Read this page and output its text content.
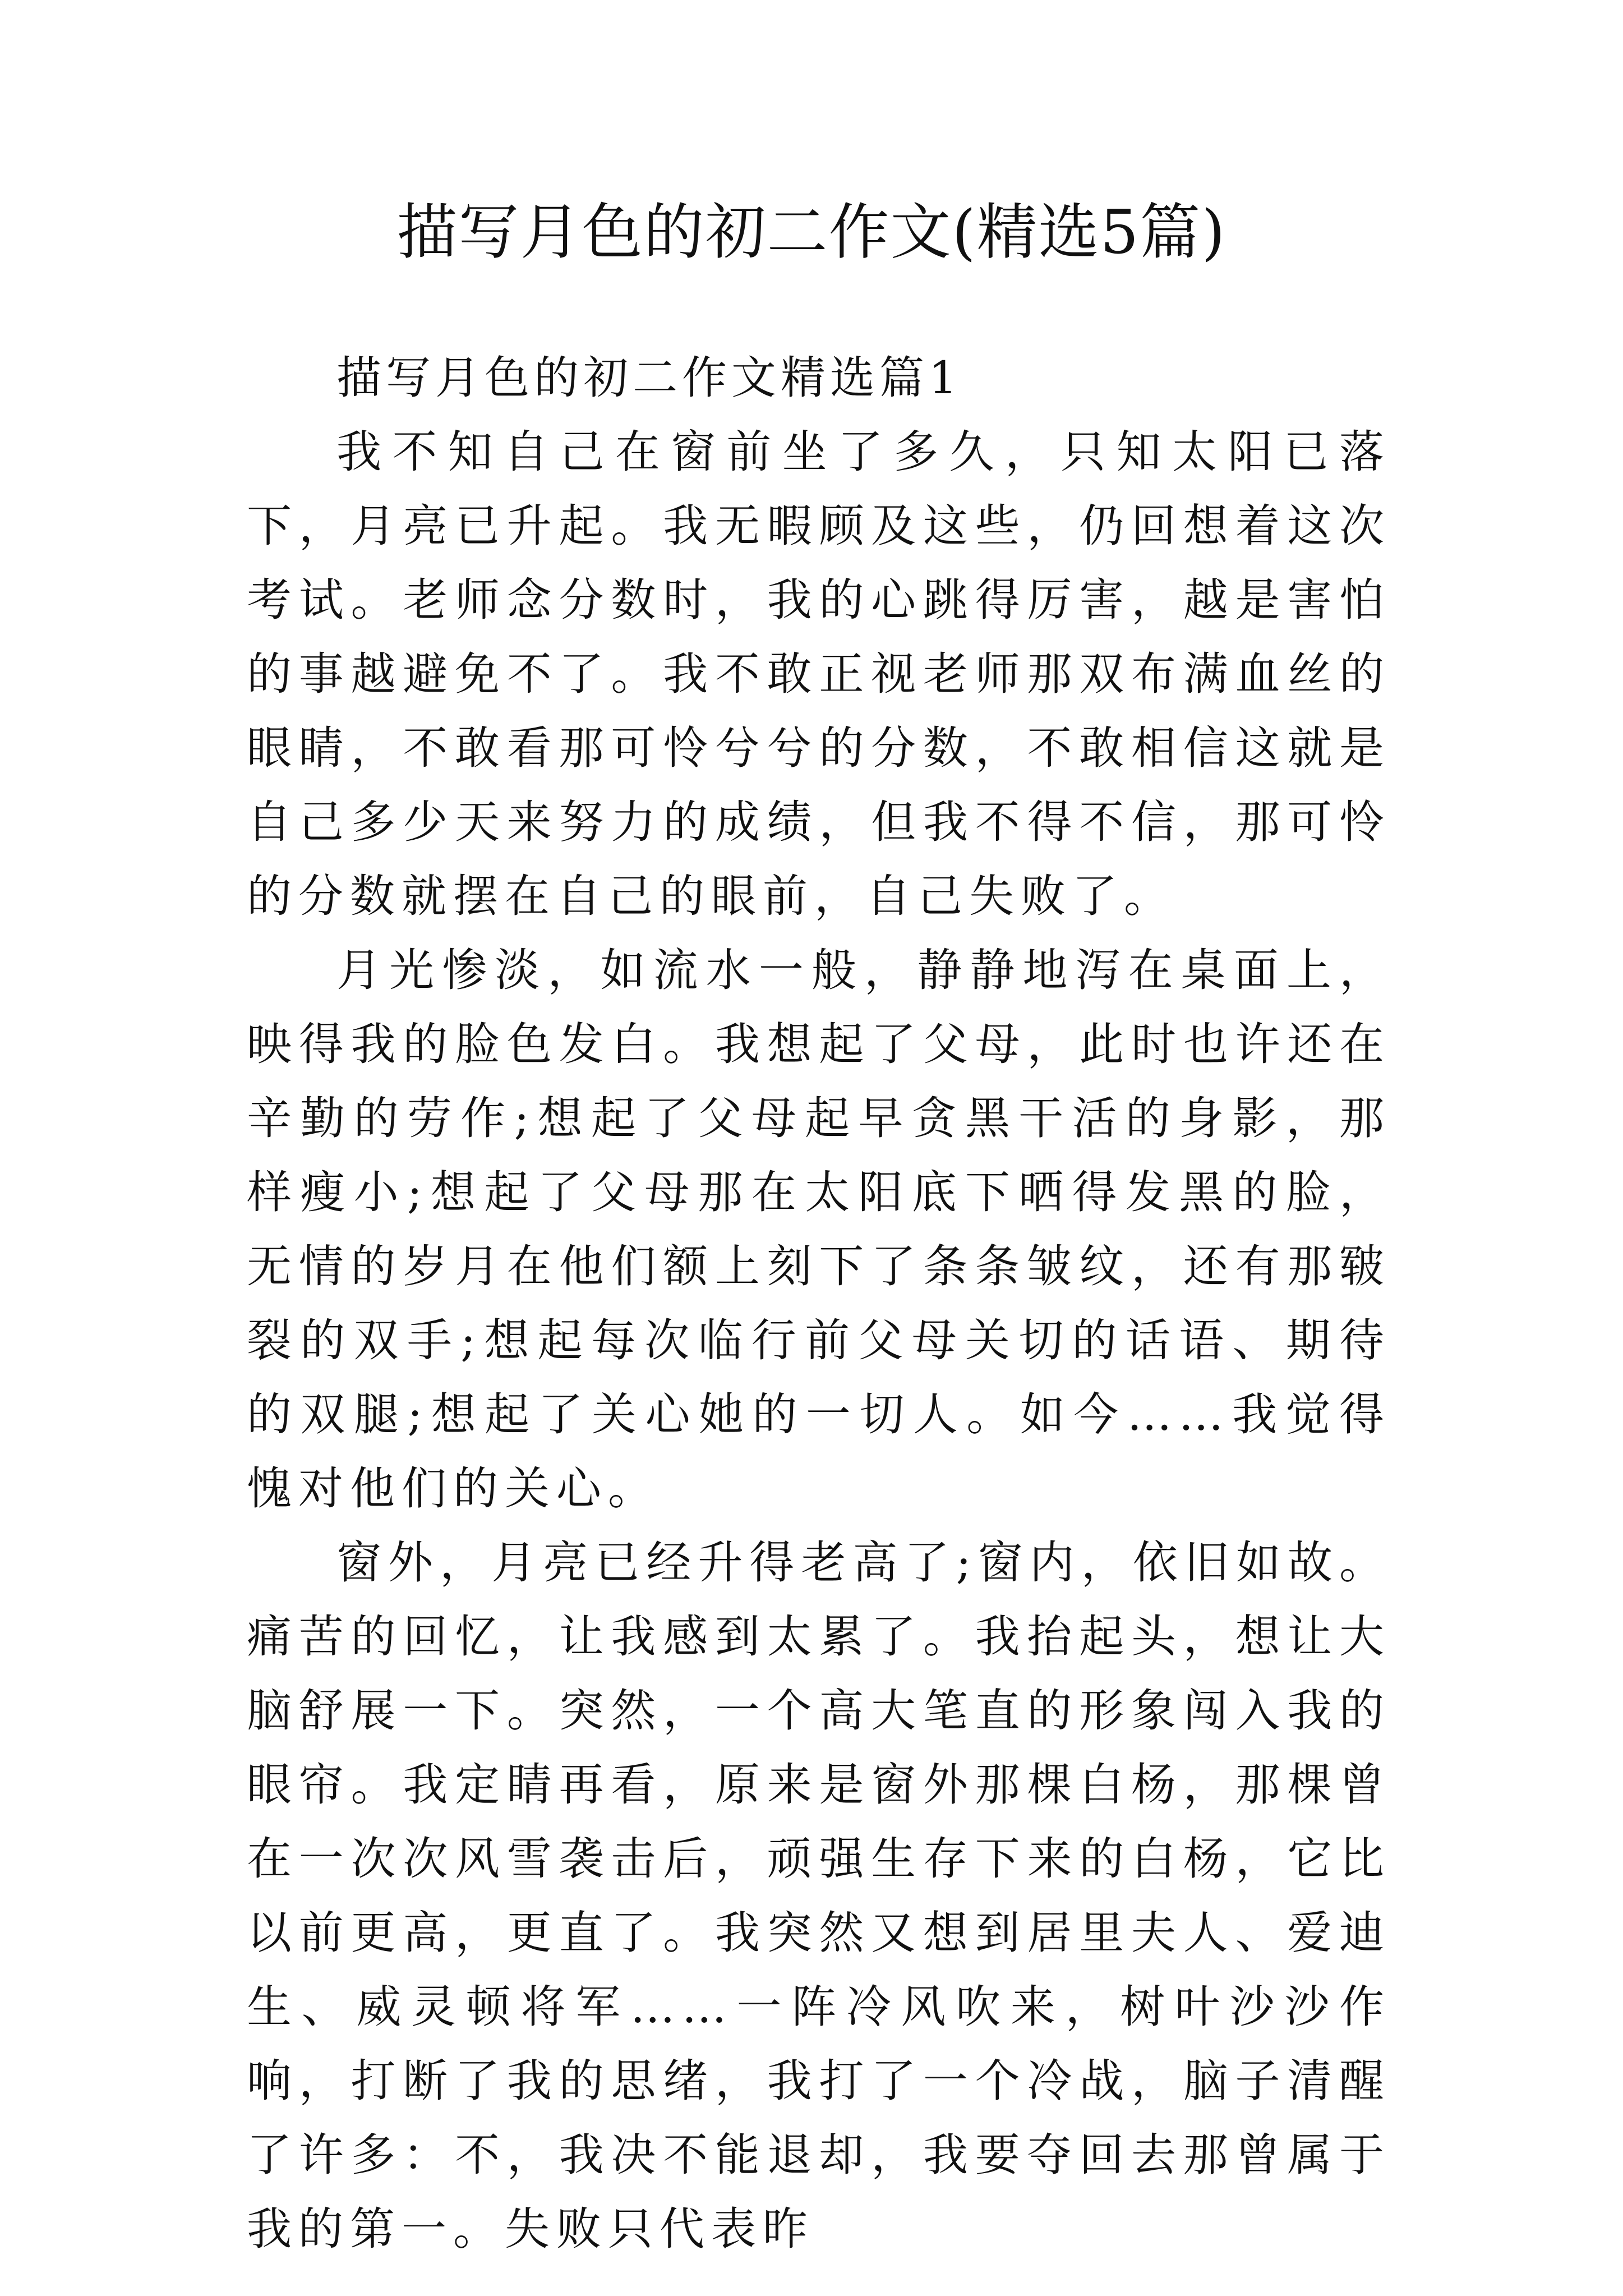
描写月色的初二作文(精选5篇)
描写月色的初二作文精选篇1

我不知自己在窗前坐了多久，只知太阳已落下，月亮已升起。我无暇顾及这些，仍回想着这次考试。老师念分数时，我的心跳得厉害，越是害怕的事越避免不了。我不敢正视老师那双布满血丝的眼睛，不敢看那可怜兮兮的分数，不敢相信这就是自己多少天来努力的成绩，但我不得不信，那可怜的分数就摆在自己的眼前，自己失败了。

月光惨淡，如流水一般，静静地泻在桌面上，映得我的脸色发白。我想起了父母，此时也许还在辛勤的劳作;想起了父母起早贪黑干活的身影，那样瘦小;想起了父母那在太阳底下晒得发黑的脸，无情的岁月在他们额上刻下了条条皱纹，还有那皲裂的双手;想起每次临行前父母关切的话语、期待的双腿;想起了关心她的一切人。如今……我觉得愧对他们的关心。

窗外，月亮已经升得老高了;窗内，依旧如故。痛苦的回忆，让我感到太累了。我抬起头，想让大脑舒展一下。突然，一个高大笔直的形象闯入我的眼帘。我定睛再看，原来是窗外那棵白杨，那棵曾在一次次风雪袭击后，顽强生存下来的白杨，它比以前更高，更直了。我突然又想到居里夫人、爱迪生、威灵顿将军……一阵冷风吹来，树叶沙沙作响，打断了我的思绪，我打了一个冷战，脑子清醒了许多：不，我决不能退却，我要夺回去那曾属于我的第一。失败只代表昨
